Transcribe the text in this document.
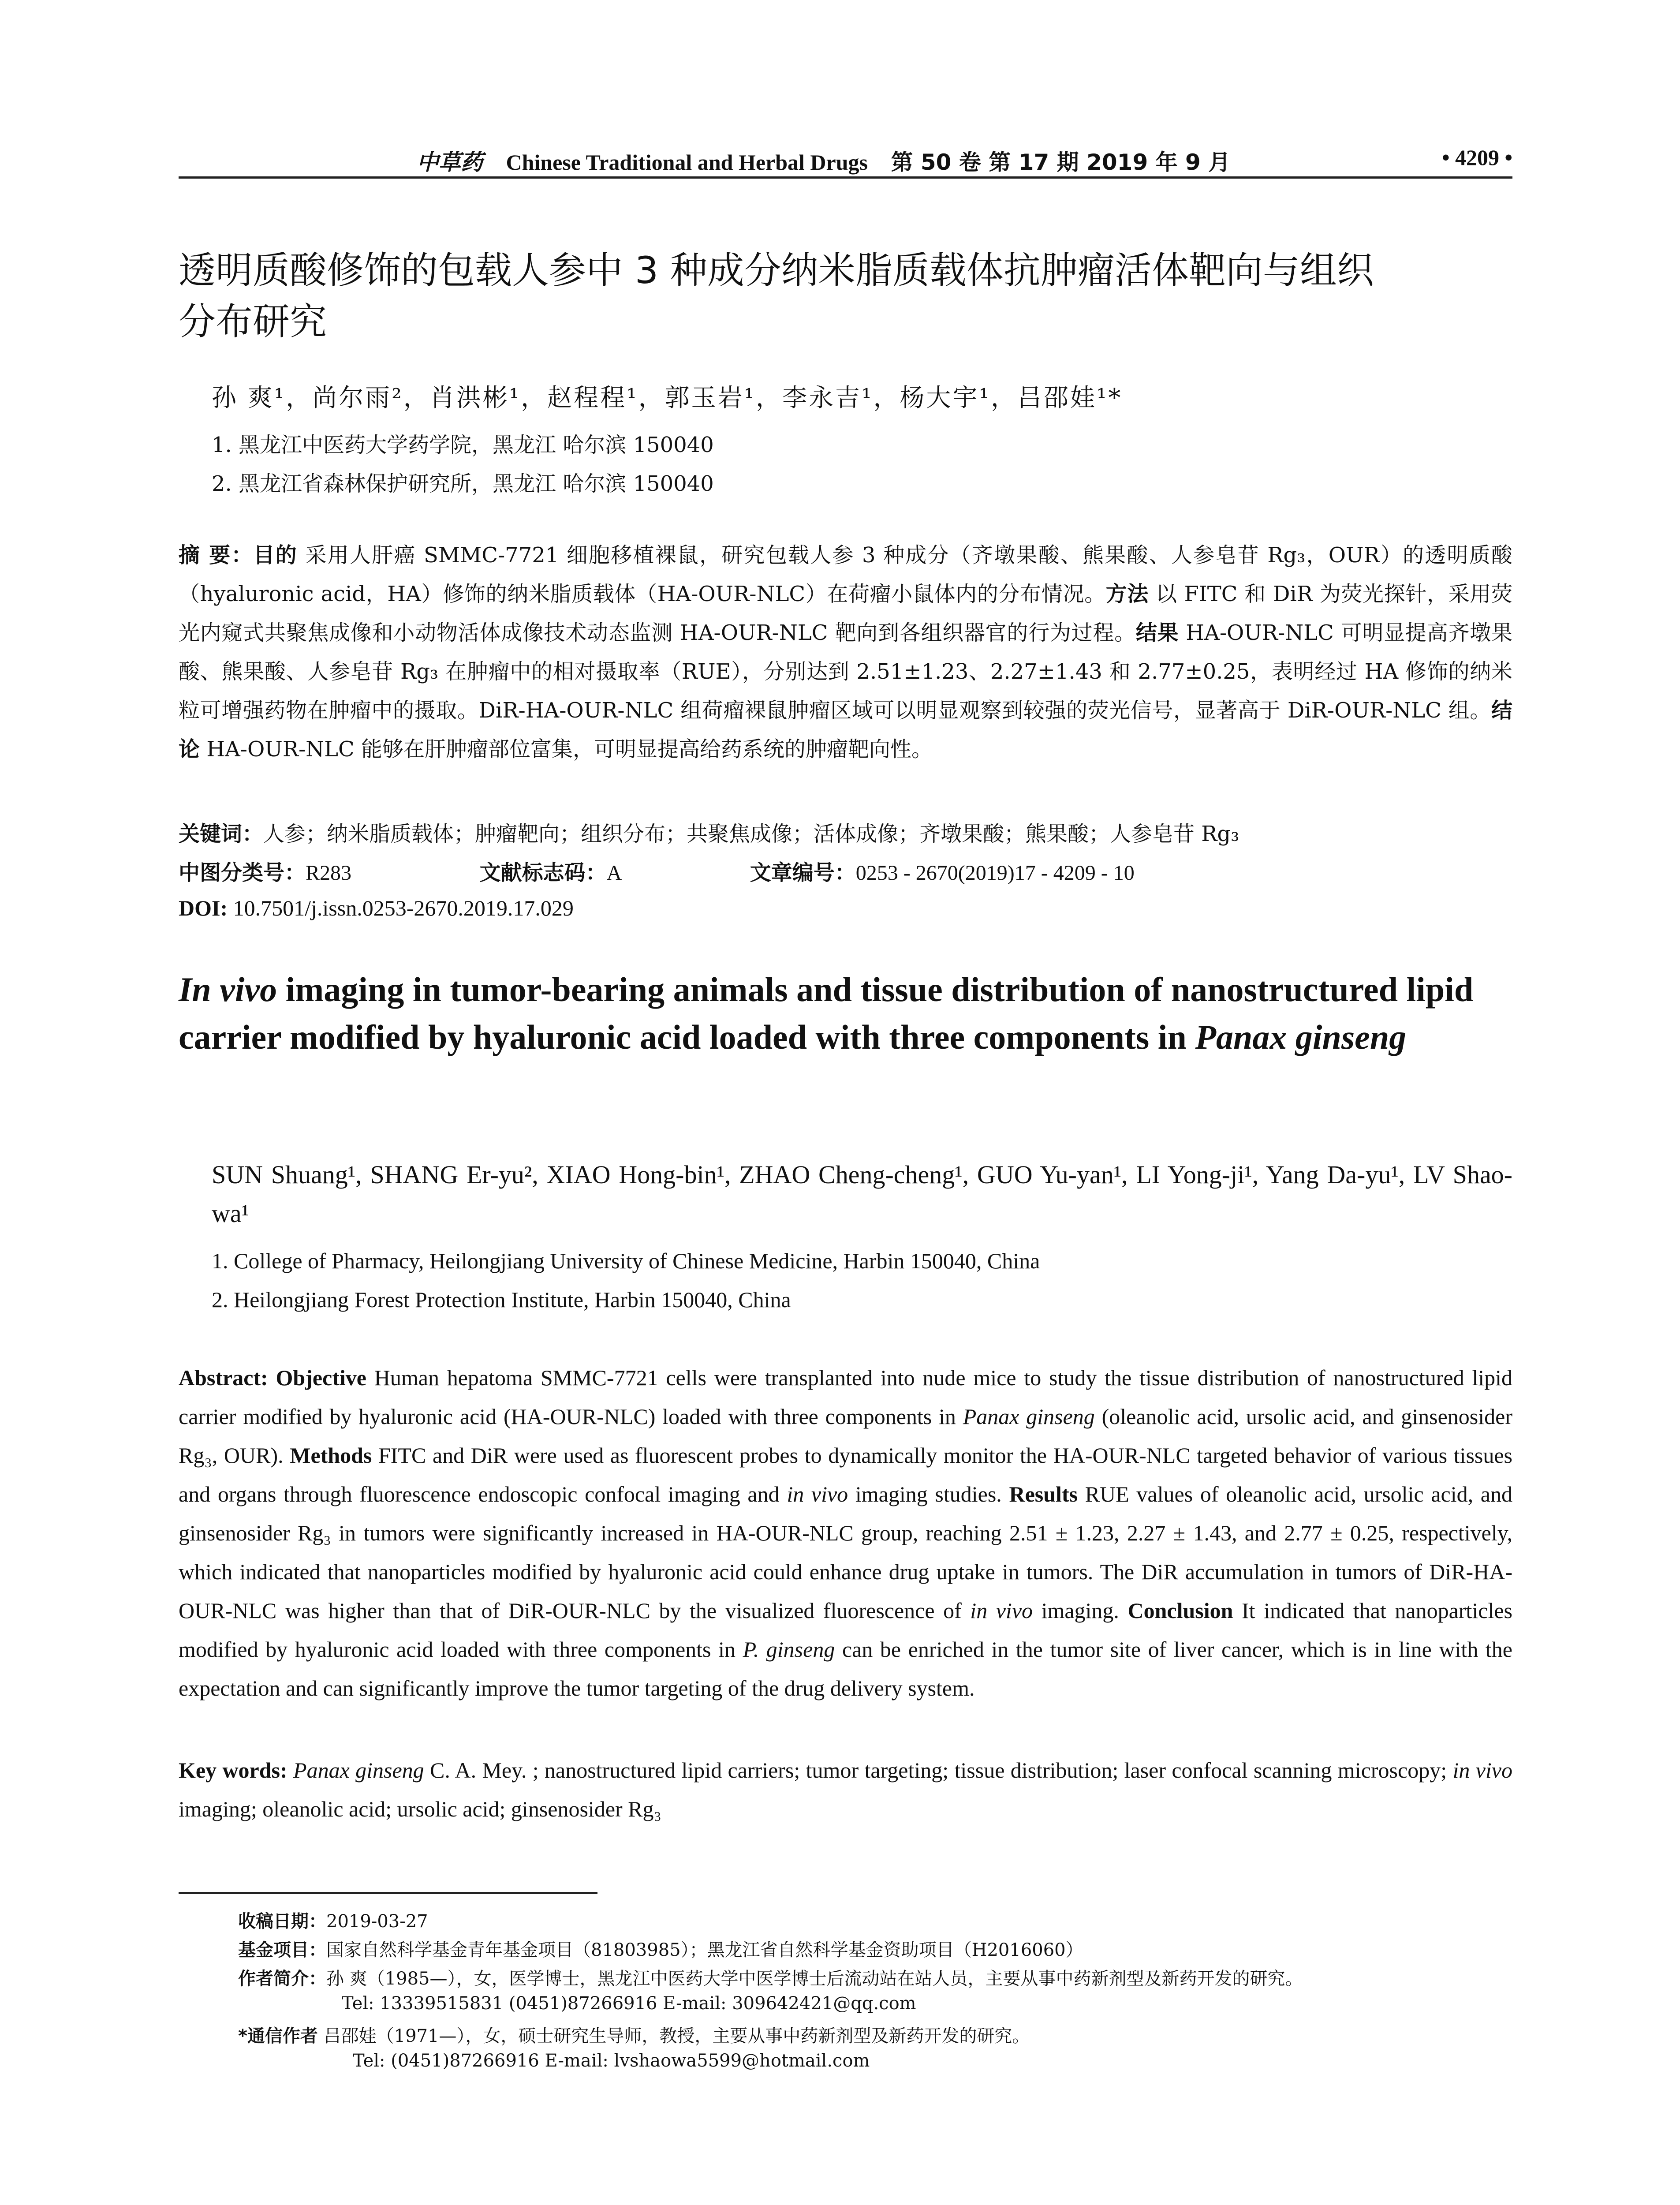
中草药 Chinese Traditional and Herbal Drugs 第 50 卷 第 17 期 2019 年 9 月	• 4209 •
透明质酸修饰的包载人参中 3 种成分纳米脂质载体抗肿瘤活体靶向与组织
分布研究
孙 爽¹，尚尔雨²，肖洪彬¹，赵程程¹，郭玉岩¹，李永吉¹，杨大宇¹，吕邵娃¹*
1. 黑龙江中医药大学药学院，黑龙江 哈尔滨 150040
2. 黑龙江省森林保护研究所，黑龙江 哈尔滨 150040
摘 要：目的 采用人肝癌 SMMC-7721 细胞移植裸鼠，研究包载人参 3 种成分（齐墩果酸、熊果酸、人参皂苷 Rg₃，OUR）的透明质酸（hyaluronic acid，HA）修饰的纳米脂质载体（HA-OUR-NLC）在荷瘤小鼠体内的分布情况。方法 以 FITC 和 DiR 为荧光探针，采用荧光内窥式共聚焦成像和小动物活体成像技术动态监测 HA-OUR-NLC 靶向到各组织器官的行为过程。结果 HA-OUR-NLC 可明显提高齐墩果酸、熊果酸、人参皂苷 Rg₃ 在肿瘤中的相对摄取率（RUE），分别达到 2.51±1.23、2.27±1.43 和 2.77±0.25，表明经过 HA 修饰的纳米粒可增强药物在肿瘤中的摄取。DiR-HA-OUR-NLC 组荷瘤裸鼠肿瘤区域可以明显观察到较强的荧光信号，显著高于 DiR-OUR-NLC 组。结论 HA-OUR-NLC 能够在肝肿瘤部位富集，可明显提高给药系统的肿瘤靶向性。
关键词：人参；纳米脂质载体；肿瘤靶向；组织分布；共聚焦成像；活体成像；齐墩果酸；熊果酸；人参皂苷 Rg₃
中图分类号：R283	文献标志码：A	文章编号：0253 - 2670(2019)17 - 4209 - 10
DOI: 10.7501/j.issn.0253-2670.2019.17.029
In vivo imaging in tumor-bearing animals and tissue distribution of nanostructured lipid carrier modified by hyaluronic acid loaded with three components in Panax ginseng
SUN Shuang¹, SHANG Er-yu², XIAO Hong-bin¹, ZHAO Cheng-cheng¹, GUO Yu-yan¹, LI Yong-ji¹, Yang Da-yu¹, LV Shao-wa¹
1. College of Pharmacy, Heilongjiang University of Chinese Medicine, Harbin 150040, China
2. Heilongjiang Forest Protection Institute, Harbin 150040, China
Abstract: Objective Human hepatoma SMMC-7721 cells were transplanted into nude mice to study the tissue distribution of nanostructured lipid carrier modified by hyaluronic acid (HA-OUR-NLC) loaded with three components in Panax ginseng (oleanolic acid, ursolic acid, and ginsenosider Rg₃, OUR). Methods FITC and DiR were used as fluorescent probes to dynamically monitor the HA-OUR-NLC targeted behavior of various tissues and organs through fluorescence endoscopic confocal imaging and in vivo imaging studies. Results RUE values of oleanolic acid, ursolic acid, and ginsenosider Rg₃ in tumors were significantly increased in HA-OUR-NLC group, reaching 2.51 ± 1.23, 2.27 ± 1.43, and 2.77 ± 0.25, respectively, which indicated that nanoparticles modified by hyaluronic acid could enhance drug uptake in tumors. The DiR accumulation in tumors of DiR-HA-OUR-NLC was higher than that of DiR-OUR-NLC by the visualized fluorescence of in vivo imaging. Conclusion It indicated that nanoparticles modified by hyaluronic acid loaded with three components in P. ginseng can be enriched in the tumor site of liver cancer, which is in line with the expectation and can significantly improve the tumor targeting of the drug delivery system.
Key words: Panax ginseng C. A. Mey. ; nanostructured lipid carriers; tumor targeting; tissue distribution; laser confocal scanning microscopy; in vivo imaging; oleanolic acid; ursolic acid; ginsenosider Rg₃
收稿日期：2019-03-27
基金项目：国家自然科学基金青年基金项目（81803985）；黑龙江省自然科学基金资助项目（H2016060）
作者简介：孙 爽（1985—），女，医学博士，黑龙江中医药大学中医学博士后流动站在站人员，主要从事中药新剂型及新药开发的研究。
Tel: 13339515831 (0451)87266916 E-mail: 309642421@qq.com
*通信作者 吕邵娃（1971—），女，硕士研究生导师，教授，主要从事中药新剂型及新药开发的研究。
Tel: (0451)87266916 E-mail: lvshaowa5599@hotmail.com
